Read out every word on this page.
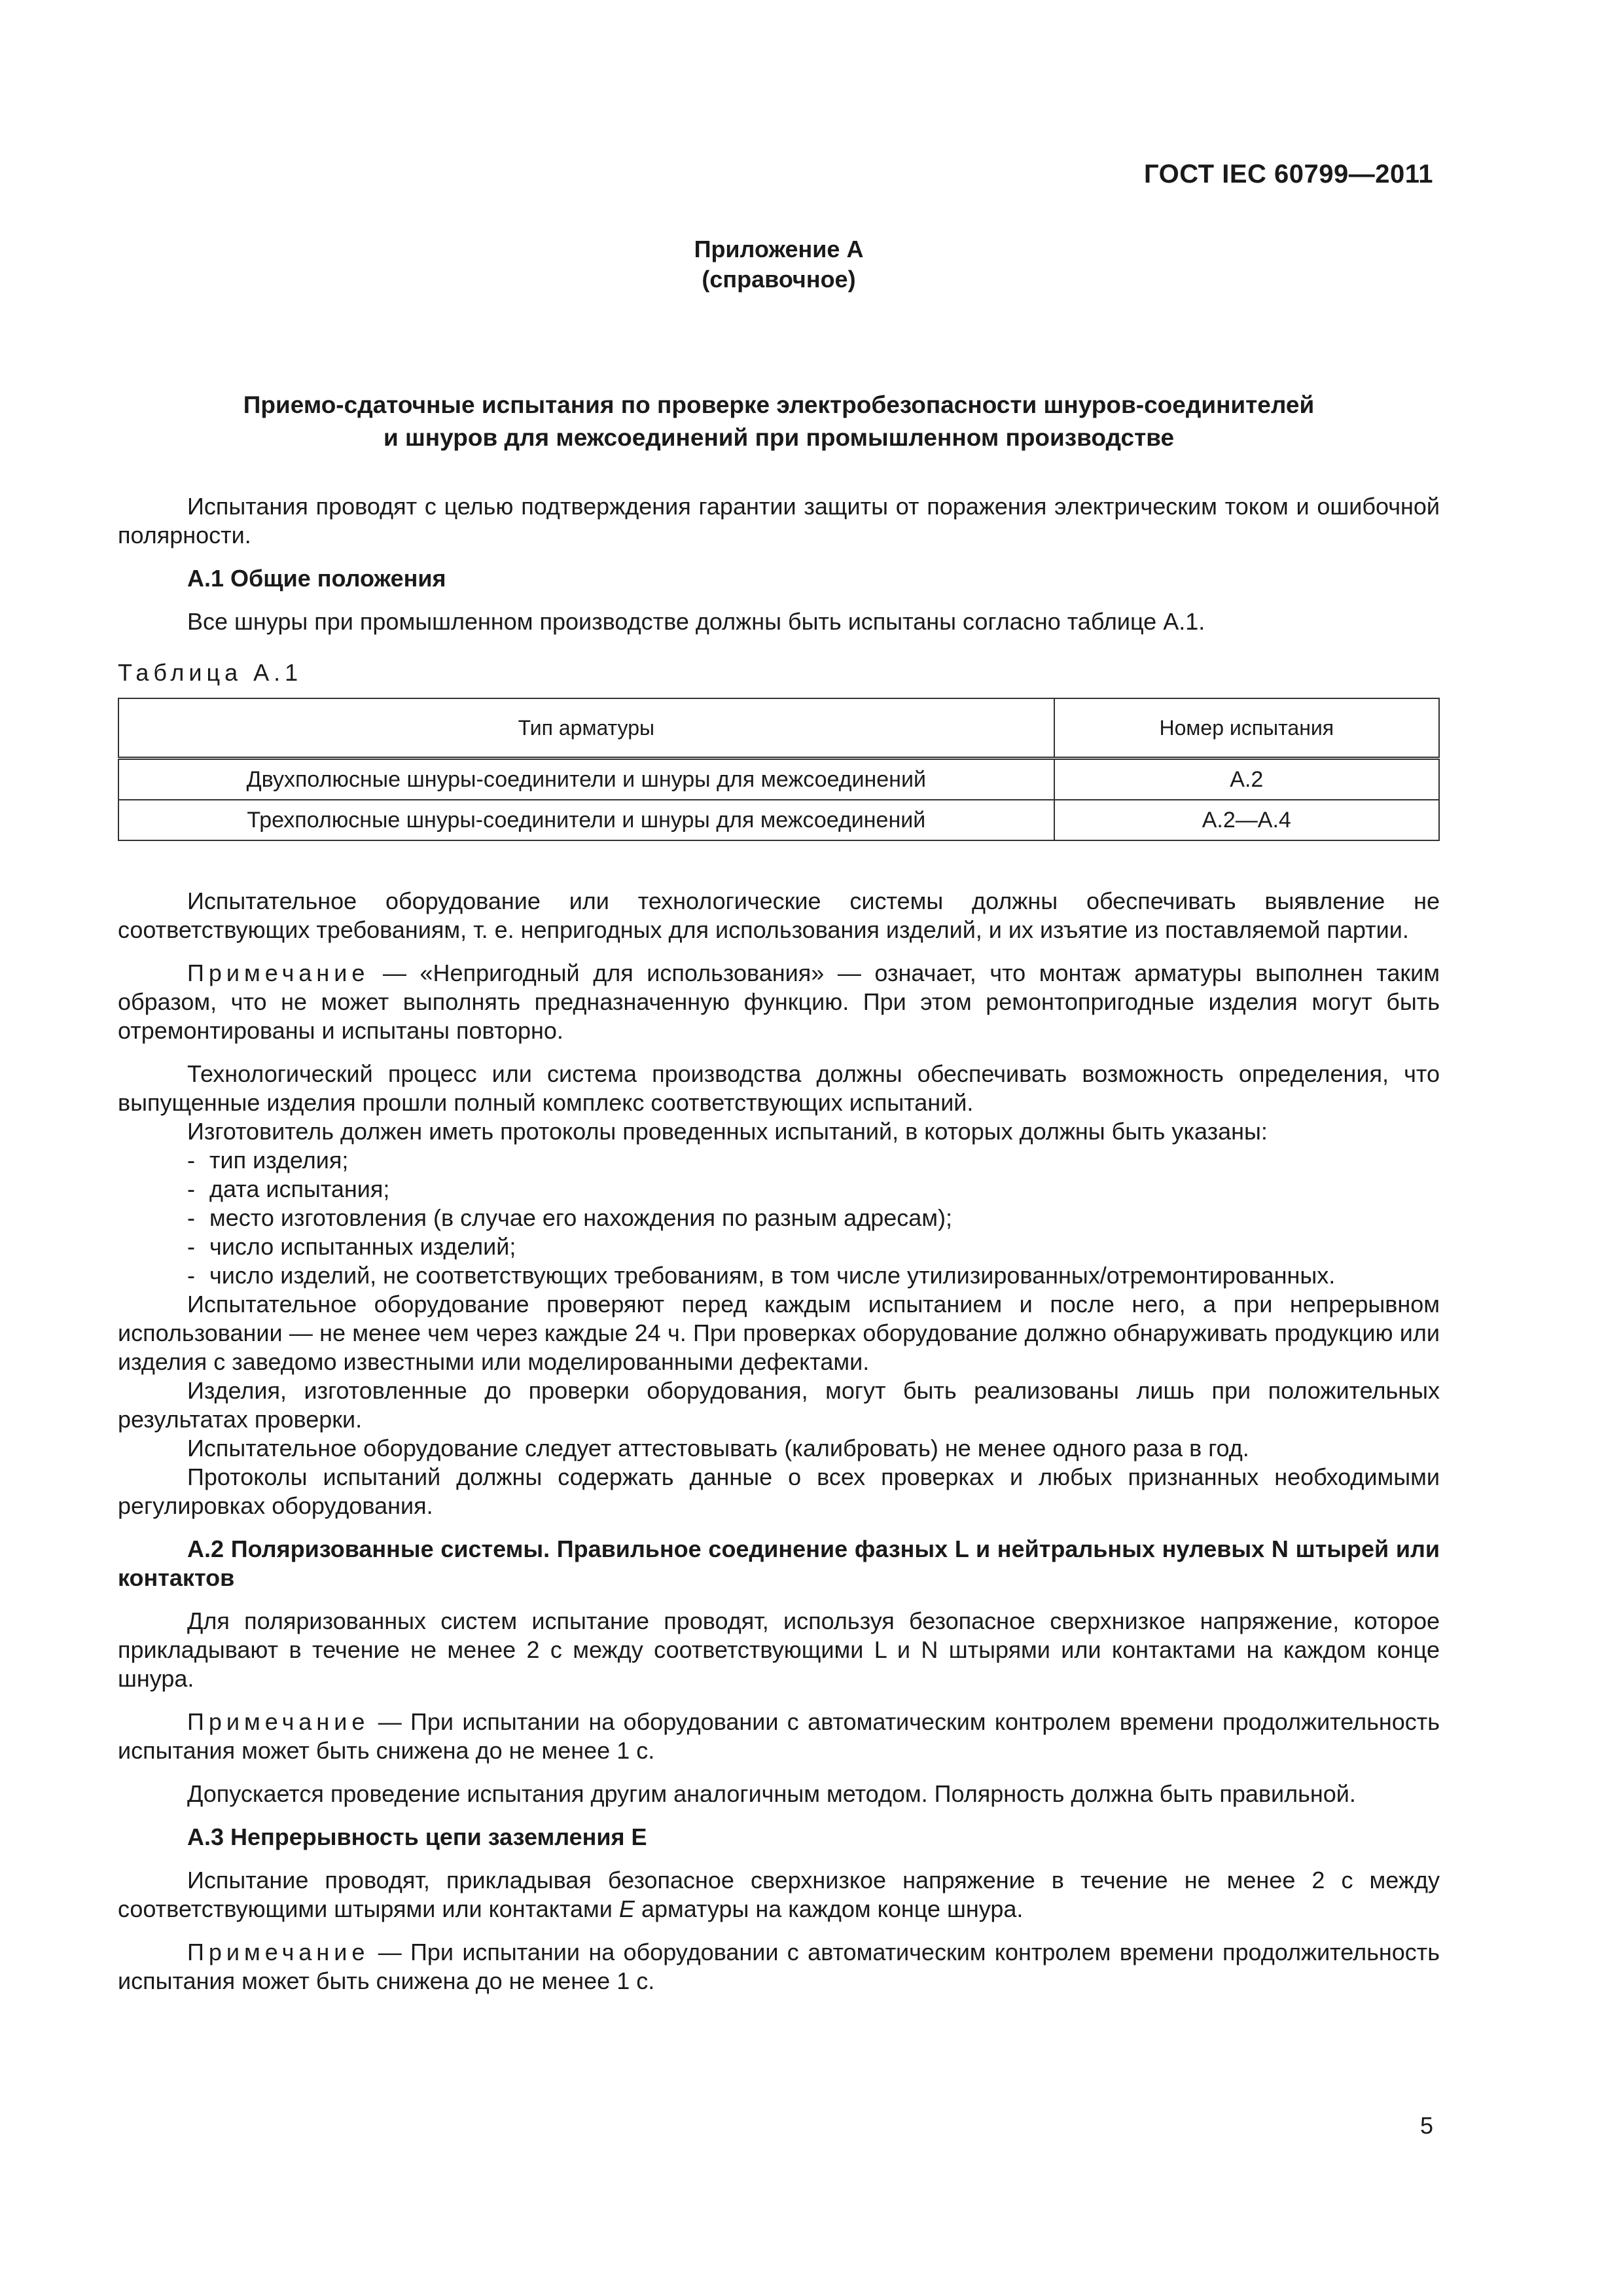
ГОСТ IEC 60799—2011
Приложение А
(справочное)
Приемо-сдаточные испытания по проверке электробезопасности шнуров-соединителей
и шнуров для межсоединений при промышленном производстве

Испытания проводят с целью подтверждения гарантии защиты от поражения электрическим током и ошибочной полярности.

А.1 Общие положения

Все шнуры при промышленном производстве должны быть испытаны согласно таблице А.1.

Таблица А.1

Тип арматуры	Номер испытания
Двухполюсные шнуры-соединители и шнуры для межсоединений	А.2
Трехполюсные шнуры-соединители и шнуры для межсоединений	А.2—А.4

Испытательное оборудование или технологические системы должны обеспечивать выявление не соответствующих требованиям, т. е. непригодных для использования изделий, и их изъятие из поставляемой партии.

Примечание — «Непригодный для использования» — означает, что монтаж арматуры выполнен таким образом, что не может выполнять предназначенную функцию. При этом ремонтопригодные изделия могут быть отремонтированы и испытаны повторно.

Технологический процесс или система производства должны обеспечивать возможность определения, что выпущенные изделия прошли полный комплекс соответствующих испытаний.

Изготовитель должен иметь протоколы проведенных испытаний, в которых должны быть указаны:

- тип изделия;

- дата испытания;

- место изготовления (в случае его нахождения по разным адресам);

- число испытанных изделий;

- число изделий, не соответствующих требованиям, в том числе утилизированных/отремонтированных.

Испытательное оборудование проверяют перед каждым испытанием и после него, а при непрерывном использовании — не менее чем через каждые 24 ч. При проверках оборудование должно обнаруживать продукцию или изделия с заведомо известными или моделированными дефектами.

Изделия, изготовленные до проверки оборудования, могут быть реализованы лишь при положительных результатах проверки.

Испытательное оборудование следует аттестовывать (калибровать) не менее одного раза в год.

Протоколы испытаний должны содержать данные о всех проверках и любых признанных необходимыми регулировках оборудования.

А.2 Поляризованные системы. Правильное соединение фазных L и нейтральных нулевых N штырей или контактов

Для поляризованных систем испытание проводят, используя безопасное сверхнизкое напряжение, которое прикладывают в течение не менее 2 с между соответствующими L и N штырями или контактами на каждом конце шнура.

Примечание — При испытании на оборудовании с автоматическим контролем времени продолжительность испытания может быть снижена до не менее 1 с.

Допускается проведение испытания другим аналогичным методом. Полярность должна быть правильной.

А.3 Непрерывность цепи заземления Е

Испытание проводят, прикладывая безопасное сверхнизкое напряжение в течение не менее 2 с между соответствующими штырями или контактами Е арматуры на каждом конце шнура.

Примечание — При испытании на оборудовании с автоматическим контролем времени продолжительность испытания может быть снижена до не менее 1 с.

5
